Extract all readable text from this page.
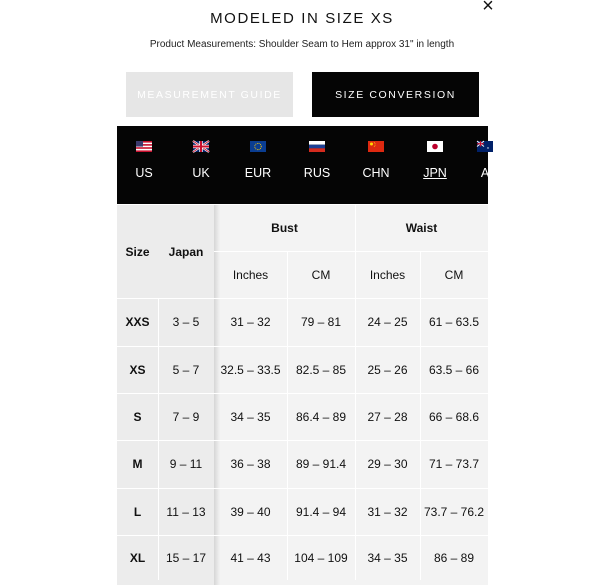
×
MODELED IN SIZE XS
Product Measurements: Shoulder Seam to Hem approx 31" in length
MEASUREMENT GUIDE	SIZE CONVERSION
US	UK	EUR	RUS	CHN	JPN	A
Size	Japan
Bust	Waist
Inches	CM	Inches	CM
XXS	3 – 5	31 – 32	79 – 81	24 – 25	61 – 63.5
XS	5 – 7	32.5 – 33.5	82.5 – 85	25 – 26	63.5 – 66
S	7 – 9	34 – 35	86.4 – 89	27 – 28	66 – 68.6
M	9 – 11	36 – 38	89 – 91.4	29 – 30	71 – 73.7
L	11 – 13	39 – 40	91.4 – 94	31 – 32	73.7 – 76.2
XL	15 – 17	41 – 43	104 – 109	34 – 35	86 – 89
